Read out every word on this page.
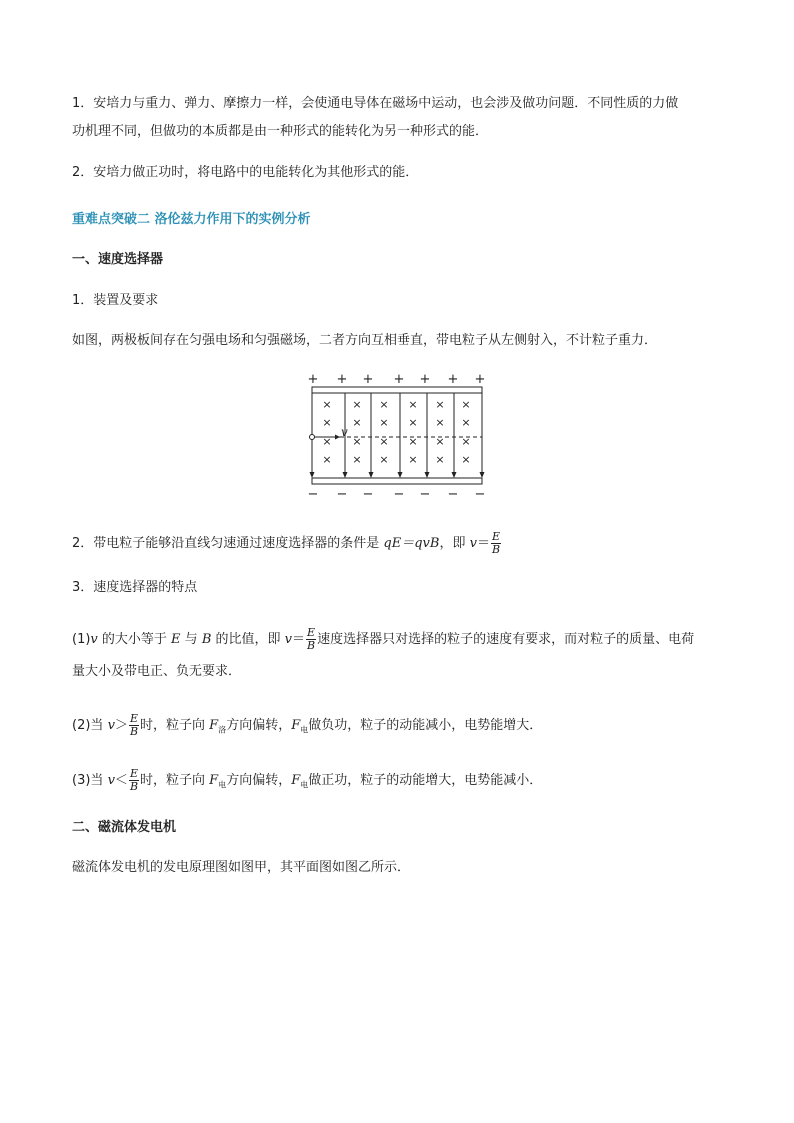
1．安培力与重力、弹力、摩擦力一样，会使通电导体在磁场中运动，也会涉及做功问题．不同性质的力做
功机理不同，但做功的本质都是由一种形式的能转化为另一种形式的能．
2．安培力做正功时，将电路中的电能转化为其他形式的能．
重难点突破二 洛伦兹力作用下的实例分析
一、速度选择器
1．装置及要求
如图，两极板间存在匀强电场和匀强磁场，二者方向互相垂直，带电粒子从左侧射入，不计粒子重力．
+ + + + + + +
× × × × × ×
× × × × × ×
× × × × × ×
× × × × × ×
v
− − − − − − −
2．带电粒子能够沿直线匀速通过速度选择器的条件是 qE＝qvB，即 $v= \frac{E}{B}$
3．速度选择器的特点
(1)v 的大小等于 E 与 B 的比值，即 $v= \frac{E}{B}$ 速度选择器只对选择的粒子的速度有要求，而对粒子的质量、电荷
量大小及带电正、负无要求．
(2)当 $v> \frac{E}{B}$ 时，粒子向 $F_洛$方向偏转，$F_电$做负功，粒子的动能减小，电势能增大．
(3)当 $v< \frac{E}{B}$ 时，粒子向 $F_电$方向偏转，$F_电$做正功，粒子的动能增大，电势能减小．
二、磁流体发电机
磁流体发电机的发电原理图如图甲，其平面图如图乙所示．
